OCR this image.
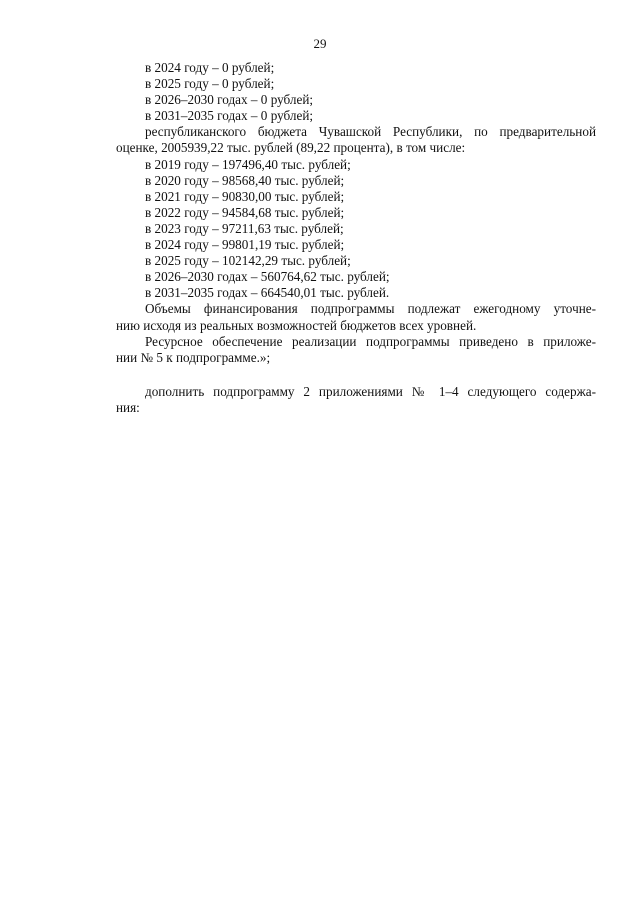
29
в 2024 году – 0 рублей;
в 2025 году – 0 рублей;
в 2026–2030 годах – 0 рублей;
в 2031–2035 годах – 0 рублей;
республиканского бюджета Чувашской Республики, по предварительной
оценке, 2005939,22 тыс. рублей (89,22 процента), в том числе:
в 2019 году – 197496,40 тыс. рублей;
в 2020 году – 98568,40 тыс. рублей;
в 2021 году – 90830,00 тыс. рублей;
в 2022 году – 94584,68 тыс. рублей;
в 2023 году – 97211,63 тыс. рублей;
в 2024 году – 99801,19 тыс. рублей;
в 2025 году – 102142,29 тыс. рублей;
в 2026–2030 годах – 560764,62 тыс. рублей;
в 2031–2035 годах – 664540,01 тыс. рублей.
Объемы финансирования подпрограммы подлежат ежегодному уточне-
нию исходя из реальных возможностей бюджетов всех уровней.
Ресурсное обеспечение реализации подпрограммы приведено в приложе-
нии № 5 к подпрограмме.»;
дополнить подпрограмму 2 приложениями № 1–4 следующего содержа-
ния:
